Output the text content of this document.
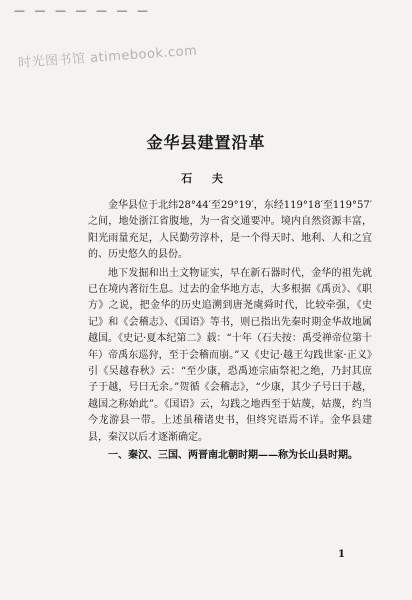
— — — — — — —
时光图书馆 atimebook.com
金华县建置沿革
石 夫

金华县位于北纬28°44′至29°19′，东经119°18′至119°57′之间，地处浙江省腹地，为一省交通要冲。境内自然资源丰富，阳光雨量充足，人民勤劳淳朴，是一个得天时、地利、人和之宜的、历史悠久的县份。

地下发掘和出土文物证实，早在新石器时代，金华的祖先就已在境内著衍生息。过去的金华地方志，大多根据《禹贡》、《职方》之说，把金华的历史追溯到唐尧虞舜时代，比较牵强，《史记》和《会稽志》、《国语》等书，则已指出先秦时期金华故地属越国。《史记·夏本纪第二》载：“十年（石夫按：禹受禅帝位第十年）帝禹东巡狩，至于会稽而崩。”又《史记·越王勾践世家·正义》引《吴越春秋》云：“至少康，恐禹迹宗庙祭祀之绝，乃封其庶子于越，号曰无余。”贺循《会稽志》，“少康，其少子号曰于越，越国之称始此”。《国语》云，勾践之地西至于姑蔑，姑蔑，约当今龙游县一带。上述虽稽诸史书，但终究语焉不详。金华县建县，秦汉以后才逐渐确定。

一、秦汉、三国、两晋南北朝时期——称为长山县时期。

1
